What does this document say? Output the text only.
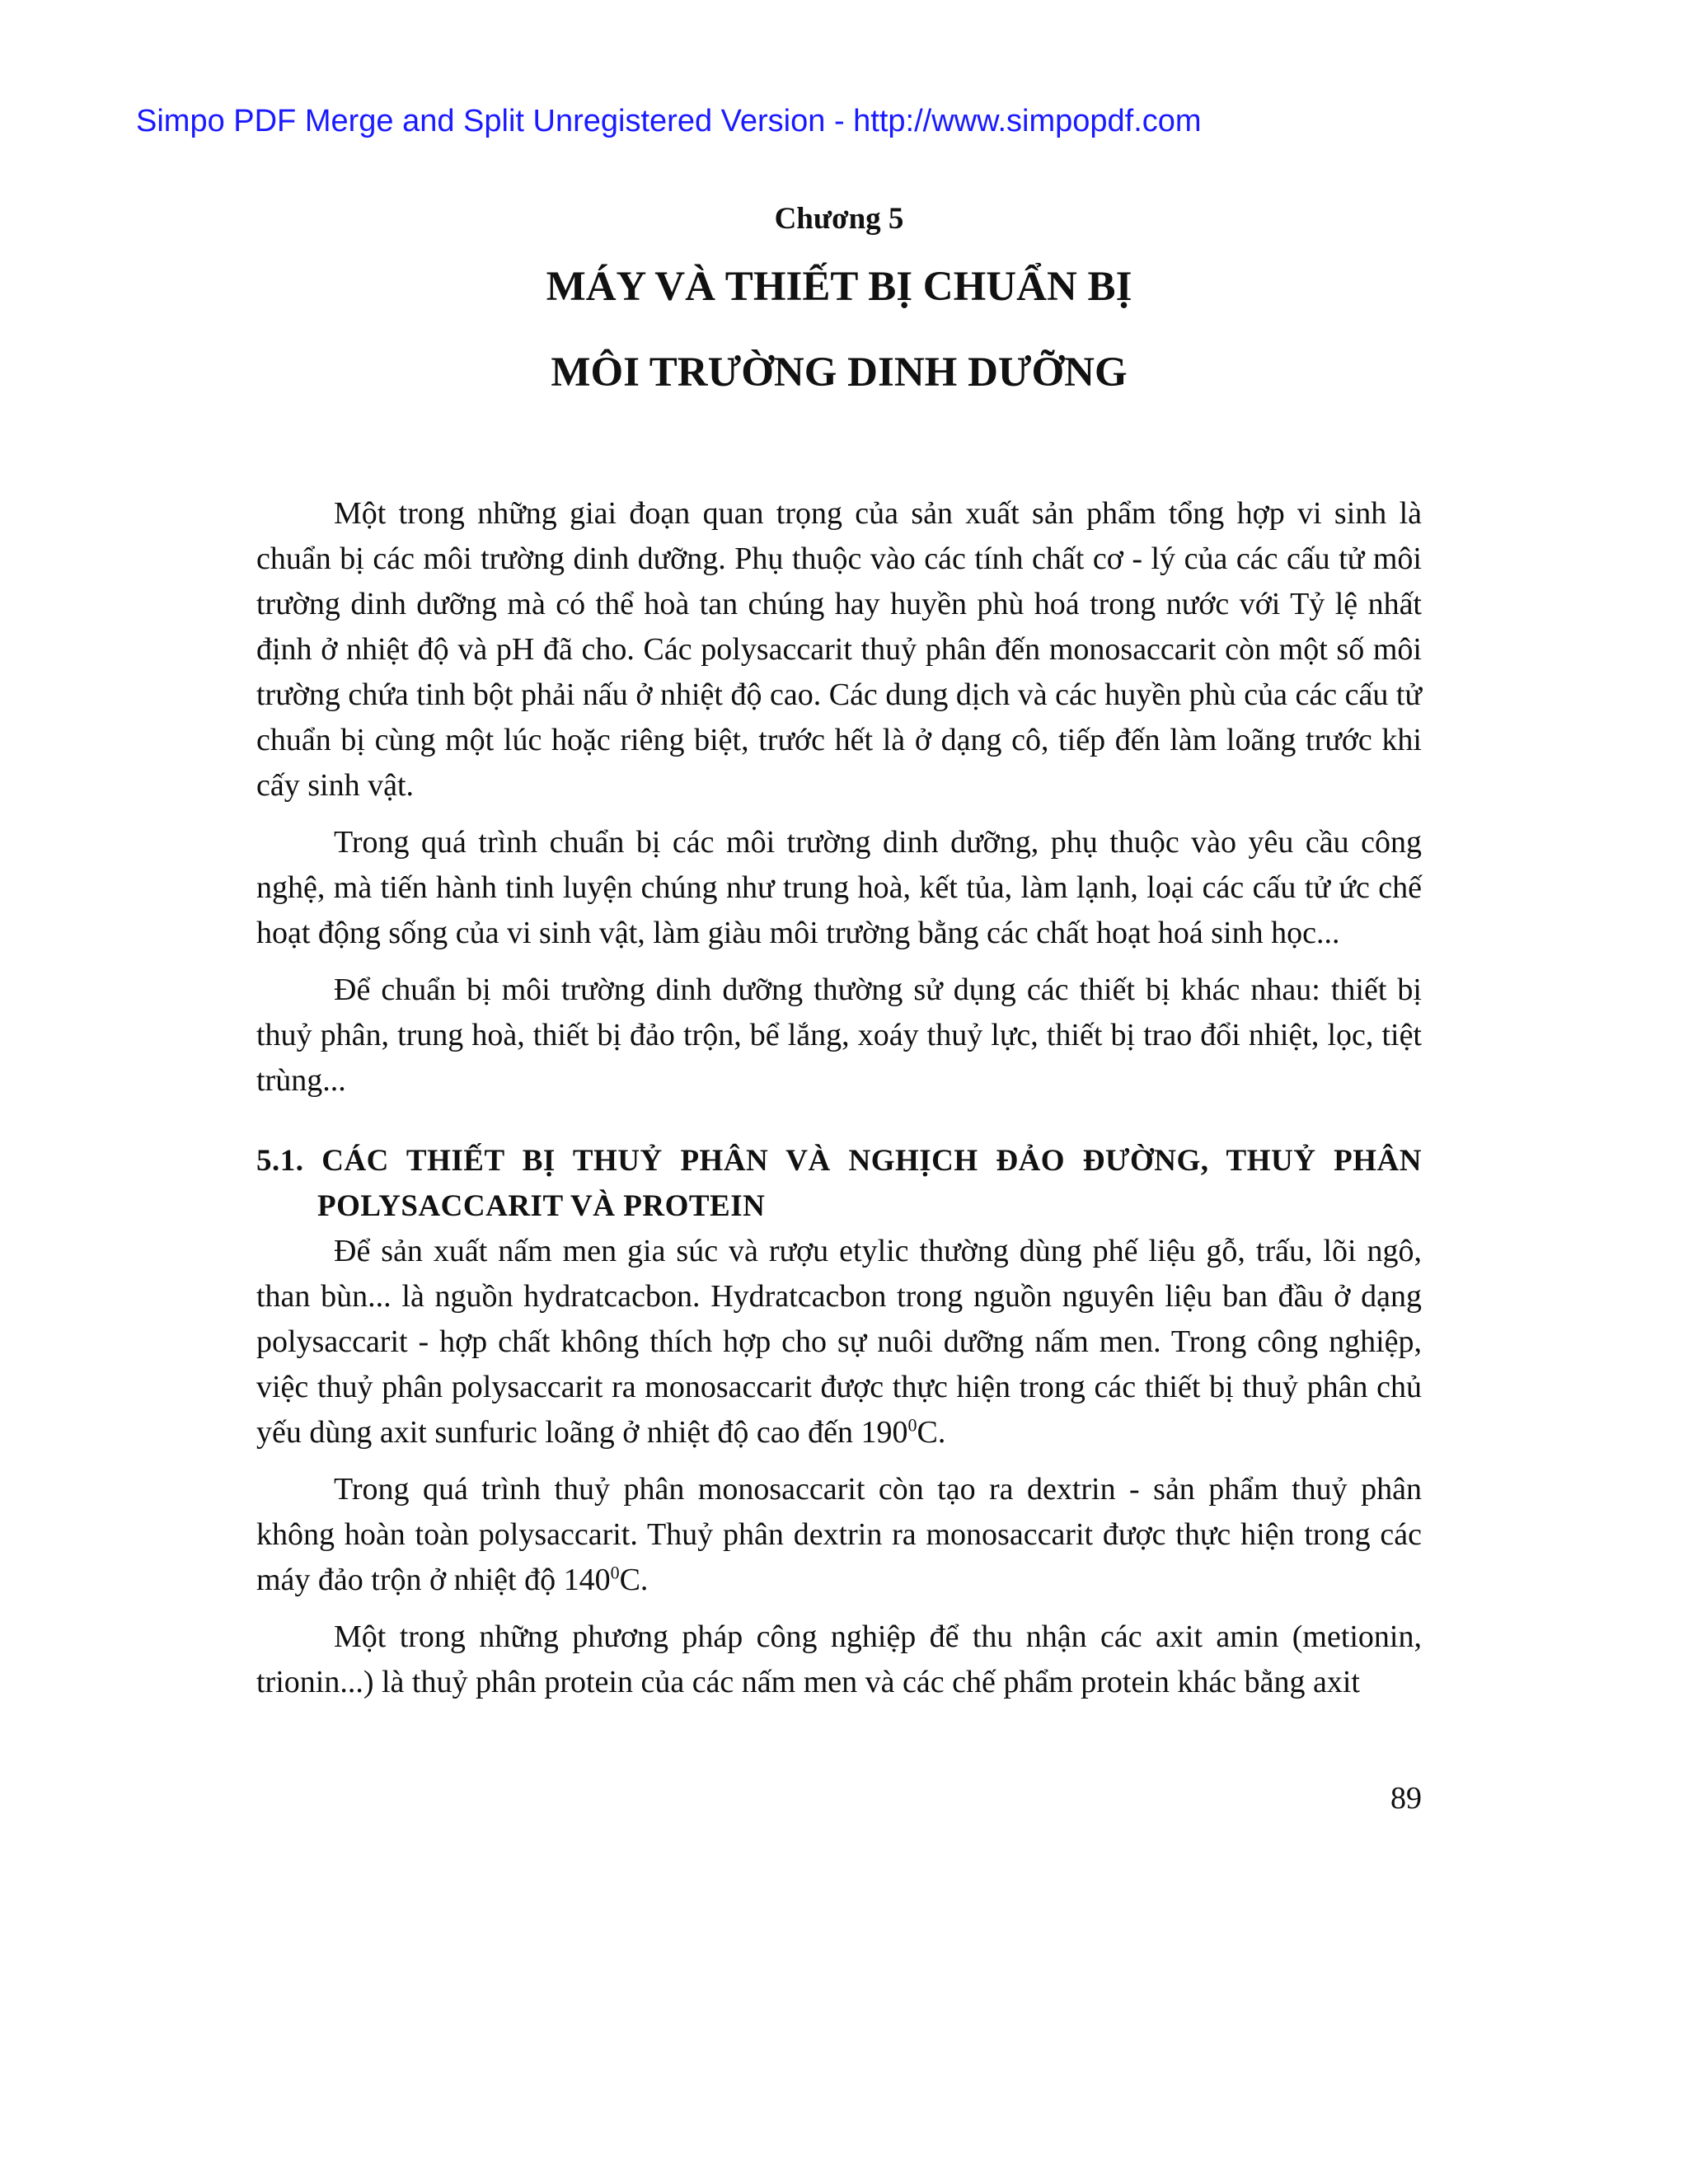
Simpo PDF Merge and Split Unregistered Version - http://www.simpopdf.com

Chương 5

MÁY VÀ THIẾT BỊ CHUẨN BỊ

MÔI TRƯỜNG DINH DƯỠNG

Một trong những giai đoạn quan trọng của sản xuất sản phẩm tổng hợp vi sinh là chuẩn bị các môi trường dinh dưỡng. Phụ thuộc vào các tính chất cơ - lý của các cấu tử môi trường dinh dưỡng mà có thể hoà tan chúng hay huyền phù hoá trong nước với Tỷ lệ nhất định ở nhiệt độ và pH đã cho. Các polysaccarit thuỷ phân đến monosaccarit còn một số môi trường chứa tinh bột phải nấu ở nhiệt độ cao. Các dung dịch và các huyền phù của các cấu tử chuẩn bị cùng một lúc hoặc riêng biệt, trước hết là ở dạng cô, tiếp đến làm loãng trước khi cấy sinh vật.

Trong quá trình chuẩn bị các môi trường dinh dưỡng, phụ thuộc vào yêu cầu công nghệ, mà tiến hành tinh luyện chúng như trung hoà, kết tủa, làm lạnh, loại các cấu tử ức chế hoạt động sống của vi sinh vật, làm giàu môi trường bằng các chất hoạt hoá sinh học...

Để chuẩn bị môi trường dinh dưỡng thường sử dụng các thiết bị khác nhau: thiết bị thuỷ phân, trung hoà, thiết bị đảo trộn, bể lắng, xoáy thuỷ lực, thiết bị trao đổi nhiệt, lọc, tiệt trùng...

5.1. CÁC THIẾT BỊ THUỶ PHÂN VÀ NGHỊCH ĐẢO ĐƯỜNG, THUỶ PHÂN POLYSACCARIT VÀ PROTEIN

Để sản xuất nấm men gia súc và rượu etylic thường dùng phế liệu gỗ, trấu, lõi ngô, than bùn... là nguồn hydratcacbon. Hydratcacbon trong nguồn nguyên liệu ban đầu ở dạng polysaccarit - hợp chất không thích hợp cho sự nuôi dưỡng nấm men. Trong công nghiệp, việc thuỷ phân polysaccarit ra monosaccarit được thực hiện trong các thiết bị thuỷ phân chủ yếu dùng axit sunfuric loãng ở nhiệt độ cao đến $190^0C$.

Trong quá trình thuỷ phân monosaccarit còn tạo ra dextrin - sản phẩm thuỷ phân không hoàn toàn polysaccarit. Thuỷ phân dextrin ra monosaccarit được thực hiện trong các máy đảo trộn ở nhiệt độ $140^0C$.

Một trong những phương pháp công nghiệp để thu nhận các axit amin (metionin, trionin...) là thuỷ phân protein của các nấm men và các chế phẩm protein khác bằng axit

89
